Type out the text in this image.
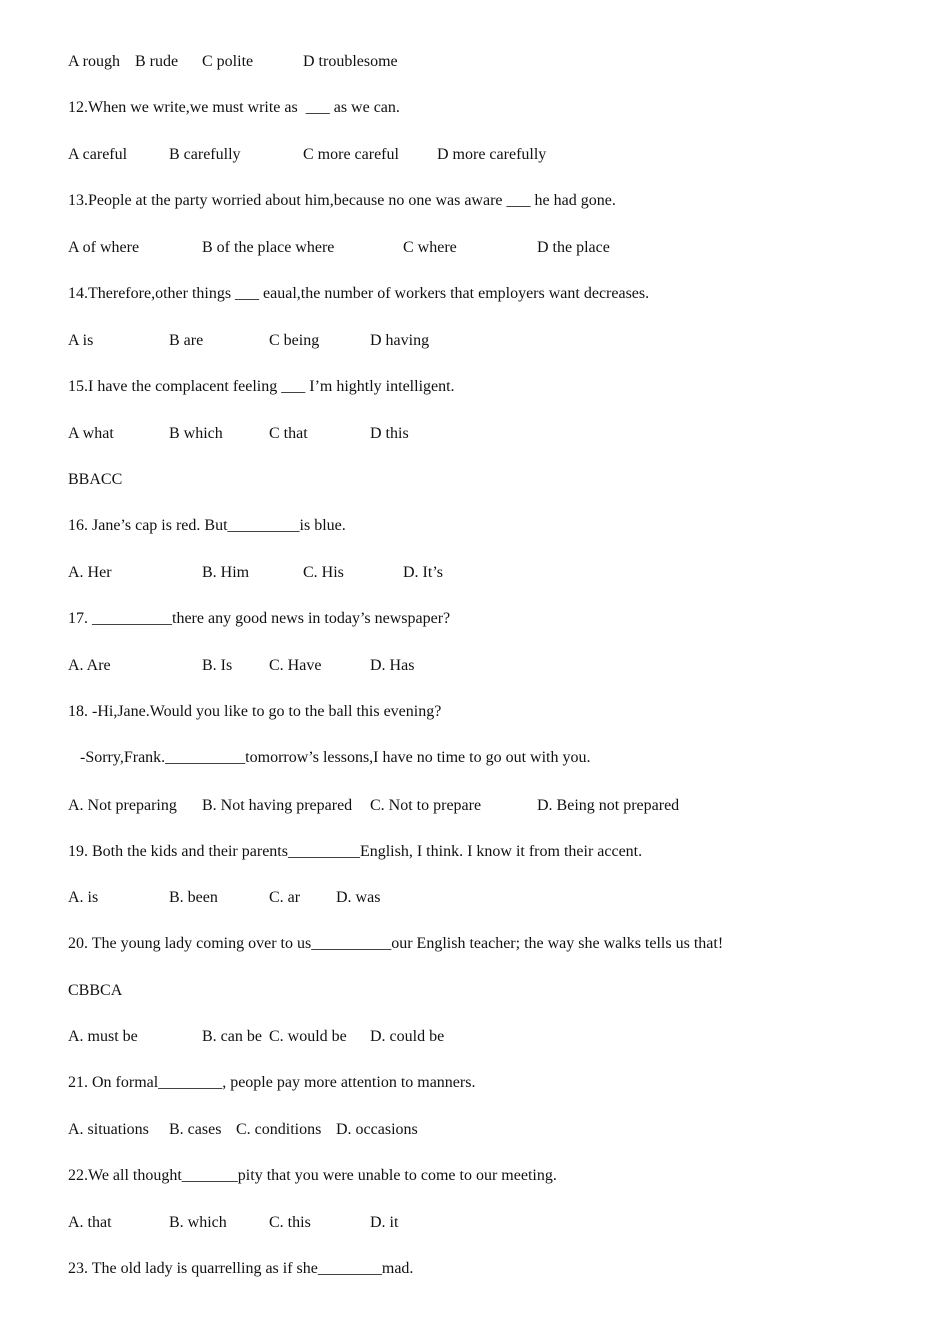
A rough B rude C polite	D troublesome
12.When we write,we must write as  ___ as we can.
A careful	B carefully	C more careful D more carefully
13.People at the party worried about him,because no one was aware ___ he had gone.
A of where	B of the place where	C where	D the place
14.Therefore,other things ___ eaual,the number of workers that employers want decreases.
A is	B are	C being	D having
15.I have the complacent feeling ___ I’m hightly intelligent.
A what	B which	C that	D this
BBACC
16. Jane’s cap is red. But_________is blue.
A. Her	B. Him	C. His	D. It’s
17. __________there any good news in today’s newspaper?
A. Are	B. Is C. Have	D. Has
18. -Hi,Jane.Would you like to go to the ball this evening?
-Sorry,Frank.__________tomorrow’s lessons,I have no time to go out with you.
A. Not preparing B. Not having prepared C. Not to prepare	D. Being not prepared
19. Both the kids and their parents_________English, I think. I know it from their accent.
A. is	B. been	C. ar D. was
20. The young lady coming over to us__________our English teacher; the way she walks tells us that!
CBBCA
A. must be	B. can be C. would be D. could be
21. On formal________, people pay more attention to manners.
A. situations B. cases C. conditions D. occasions
22.We all thought_______pity that you were unable to come to our meeting.
A. that	B. which	C. this	D. it
23. The old lady is quarrelling as if she________mad.
